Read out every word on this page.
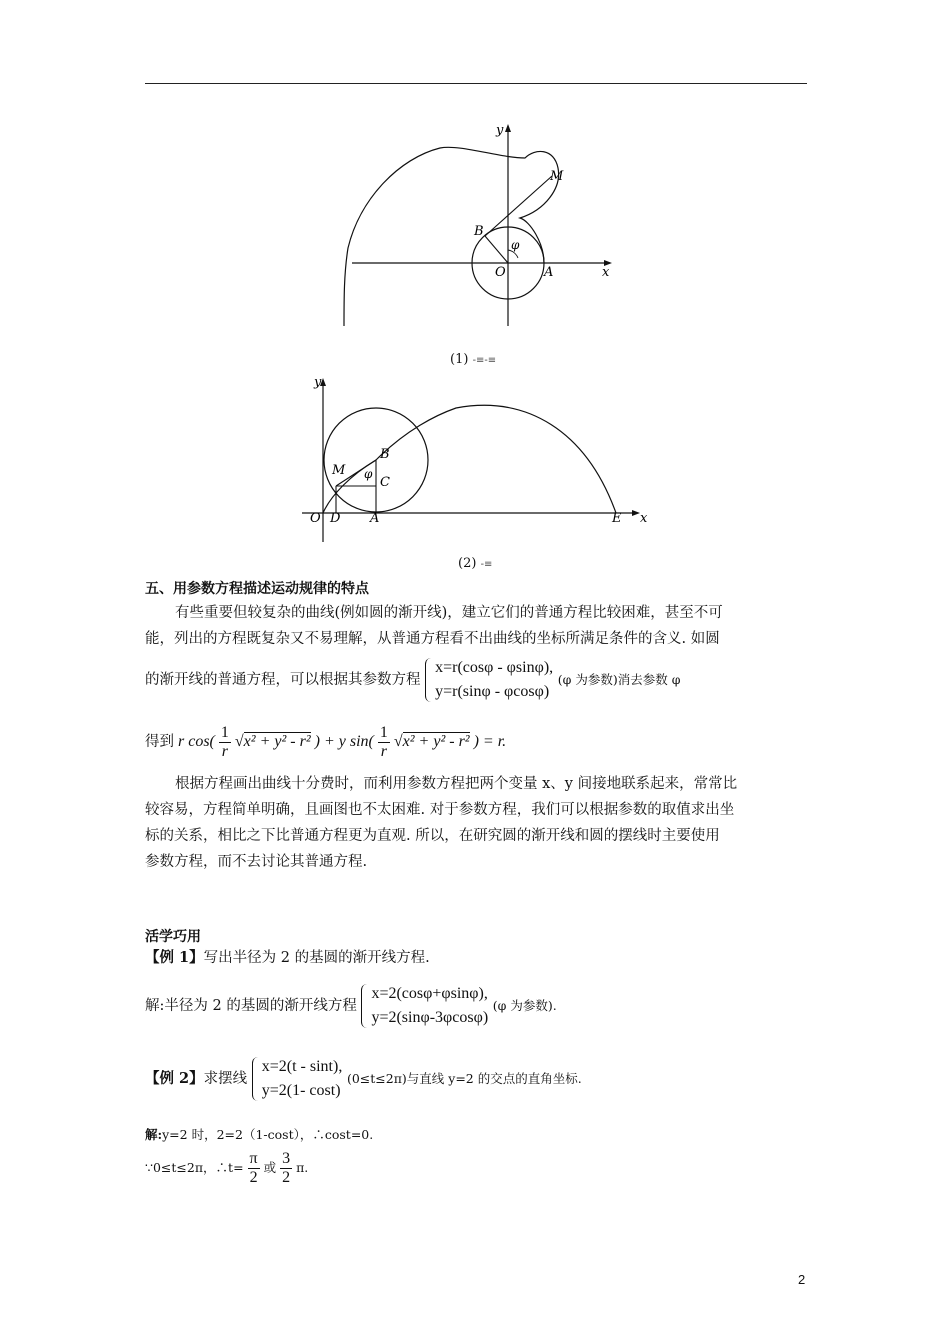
y
x
M
B
φ
O	A
(1) -≡-≡
y
x
M
B
φ
C
O D A	E
(2) -≡
五、用参数方程描述运动规律的特点
有些重要但较复杂的曲线(例如圆的渐开线)，建立它们的普通方程比较困难，甚至不可
能，列出的方程既复杂又不易理解，从普通方程看不出曲线的坐标所满足条件的含义. 如圆
的渐开线的普通方程，可以根据其参数方程
x=r(cosφ - φsinφ),
y=r(sinφ - φcosφ)
(φ 为参数)消去参数 φ
得到 r $\cos( \frac{1}{r} √x^2 + y^2 - r^2$ ) + y $\sin( \frac{1}{r} √x^2 + y^2 - r^2$ ) = r.
根据方程画出曲线十分费时，而利用参数方程把两个变量 x、y 间接地联系起来，常常比
较容易，方程简单明确，且画图也不太困难. 对于参数方程，我们可以根据参数的取值求出坐
标的关系，相比之下比普通方程更为直观. 所以，在研究圆的渐开线和圆的摆线时主要使用
参数方程，而不去讨论其普通方程.
活学巧用
【例 1】写出半径为 2 的基圆的渐开线方程.
解:半径为 2 的基圆的渐开线方程
x=2(cosφ+φsinφ),
y=2(sinφ-3φcosφ)
(φ 为参数).
【例 2】求摆线
x=2(t - sint),
y=2(1- cost)
(0≤t≤2π)与直线 y=2 的交点的直角坐标.
解:y=2 时，2=2（1-cost），∴cost=0.
∵0≤t≤2π，∴t= $\frac{\pi}{2}$ 或 $\frac{3}{2} \pi$.
2
